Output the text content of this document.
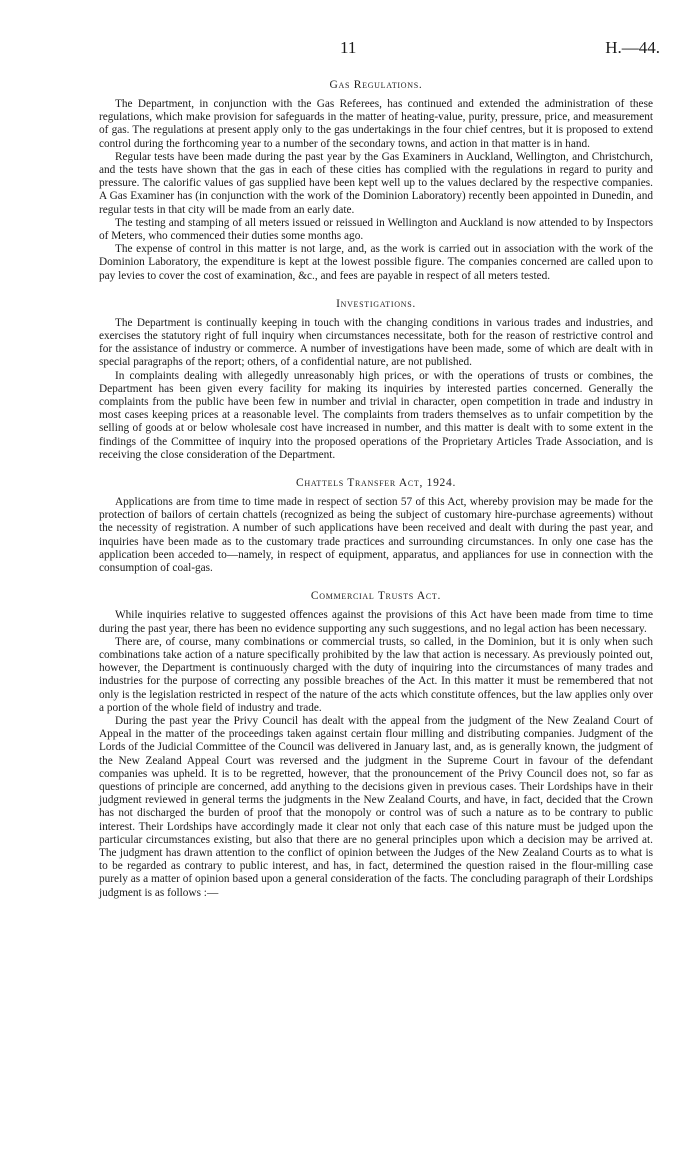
11	H.—44.
Gas Regulations.

The Department, in conjunction with the Gas Referees, has continued and extended the administration of these regulations, which make provision for safeguards in the matter of heating-value, purity, pressure, price, and measurement of gas. The regulations at present apply only to the gas undertakings in the four chief centres, but it is proposed to extend control during the forthcoming year to a number of the secondary towns, and action in that matter is in hand.

Regular tests have been made during the past year by the Gas Examiners in Auckland, Wellington, and Christchurch, and the tests have shown that the gas in each of these cities has complied with the regulations in regard to purity and pressure. The calorific values of gas supplied have been kept well up to the values declared by the respective companies. A Gas Examiner has (in conjunction with the work of the Dominion Laboratory) recently been appointed in Dunedin, and regular tests in that city will be made from an early date.

The testing and stamping of all meters issued or reissued in Wellington and Auckland is now attended to by Inspectors of Meters, who commenced their duties some months ago.

The expense of control in this matter is not large, and, as the work is carried out in association with the work of the Dominion Laboratory, the expenditure is kept at the lowest possible figure. The companies concerned are called upon to pay levies to cover the cost of examination, &c., and fees are payable in respect of all meters tested.

Investigations.

The Department is continually keeping in touch with the changing conditions in various trades and industries, and exercises the statutory right of full inquiry when circumstances necessitate, both for the reason of restrictive control and for the assistance of industry or commerce. A number of investigations have been made, some of which are dealt with in special paragraphs of the report; others, of a confidential nature, are not published.

In complaints dealing with allegedly unreasonably high prices, or with the operations of trusts or combines, the Department has been given every facility for making its inquiries by interested parties concerned. Generally the complaints from the public have been few in number and trivial in character, open competition in trade and industry in most cases keeping prices at a reasonable level. The complaints from traders themselves as to unfair competition by the selling of goods at or below wholesale cost have increased in number, and this matter is dealt with to some extent in the findings of the Committee of inquiry into the proposed operations of the Proprietary Articles Trade Association, and is receiving the close consideration of the Department.

Chattels Transfer Act, 1924.

Applications are from time to time made in respect of section 57 of this Act, whereby provision may be made for the protection of bailors of certain chattels (recognized as being the subject of customary hire-purchase agreements) without the necessity of registration. A number of such applications have been received and dealt with during the past year, and inquiries have been made as to the customary trade practices and surrounding circumstances. In only one case has the application been acceded to—namely, in respect of equipment, apparatus, and appliances for use in connection with the consumption of coal-gas.

Commercial Trusts Act.

While inquiries relative to suggested offences against the provisions of this Act have been made from time to time during the past year, there has been no evidence supporting any such suggestions, and no legal action has been necessary.

There are, of course, many combinations or commercial trusts, so called, in the Dominion, but it is only when such combinations take action of a nature specifically prohibited by the law that action is necessary. As previously pointed out, however, the Department is continuously charged with the duty of inquiring into the circumstances of many trades and industries for the purpose of correcting any possible breaches of the Act. In this matter it must be remembered that not only is the legislation restricted in respect of the nature of the acts which constitute offences, but the law applies only over a portion of the whole field of industry and trade.

During the past year the Privy Council has dealt with the appeal from the judgment of the New Zealand Court of Appeal in the matter of the proceedings taken against certain flour milling and distributing companies. Judgment of the Lords of the Judicial Committee of the Council was delivered in January last, and, as is generally known, the judgment of the New Zealand Appeal Court was reversed and the judgment in the Supreme Court in favour of the defendant companies was upheld. It is to be regretted, however, that the pronouncement of the Privy Council does not, so far as questions of principle are concerned, add anything to the decisions given in previous cases. Their Lordships have in their judgment reviewed in general terms the judgments in the New Zealand Courts, and have, in fact, decided that the Crown has not discharged the burden of proof that the monopoly or control was of such a nature as to be contrary to public interest. Their Lordships have accordingly made it clear not only that each case of this nature must be judged upon the particular circumstances existing, but also that there are no general principles upon which a decision may be arrived at. The judgment has drawn attention to the conflict of opinion between the Judges of the New Zealand Courts as to what is to be regarded as contrary to public interest, and has, in fact, determined the question raised in the flour-milling case purely as a matter of opinion based upon a general consideration of the facts. The concluding paragraph of their Lordships judgment is as follows :—
